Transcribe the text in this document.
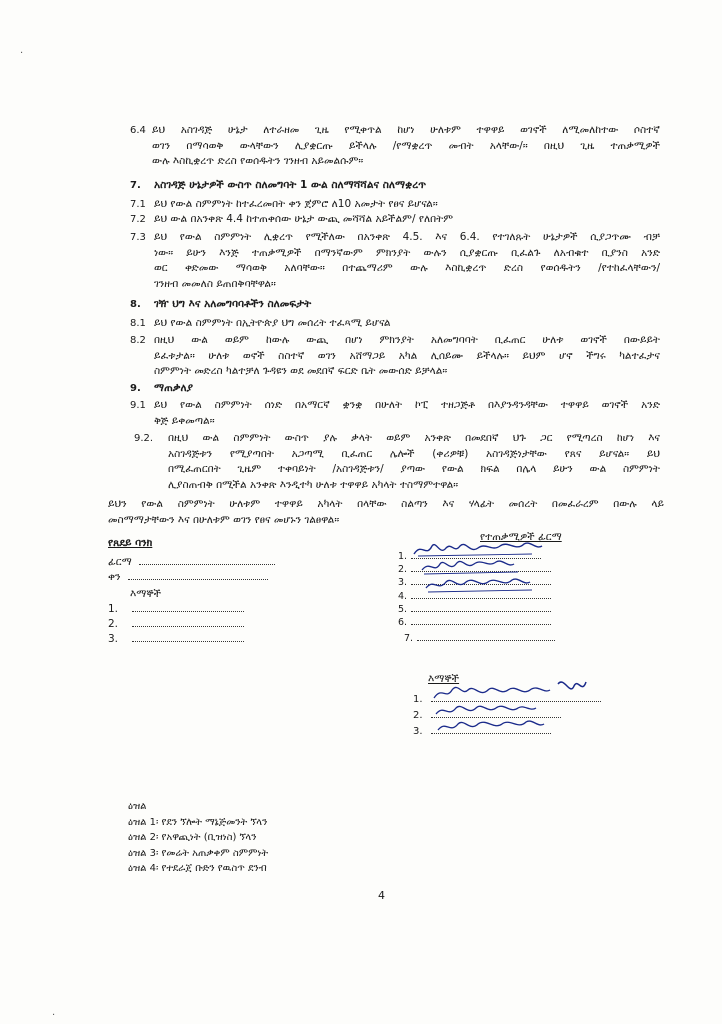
·
·
6.4 ይህ አስገዳጅ ሁኔታ ለተራዘመ ጊዜ የሚቀጥል ከሆነ ሁለቱም ተዋዋይ ወገኖች ለሚመለከተው ሶስተኛ
ወገን በማሳወቅ ውላቸውን ሊያቋርጡ ይችላሉ /የማቋረጥ መብት አላቸው/። በዚህ ጊዜ ተጠቃሚዎች
ውሉ እስኪቋረጥ ድረስ የወሰዱትን ገንዘብ አይመልሱም።
7. አስገዳጅ ሁኔታዎች ውስጥ ስለመግባት 1 ውል ስለማሻሻልና ስለማቋረጥ
7.1 ይህ የውል ስምምነት ከተፈረመበት ቀን ጀምሮ ለ10 አመታት የፀና ይሆናል።
7.2 ይህ ውል በአንቀጽ 4.4 ከተጠቀሰው ሁኔታ ውጪ መሻሻል አይችልም/ የለበትም
7.3 ይህ የውል ስምምነት ሊቋረጥ የሚችለው በአንቀጽ 4.5. እና 6.4. የተገለጹት ሁኔታዎች ሲያጋጥሙ ብቻ
ነው። ይሁን እንጅ ተጠቃሚዎች በማንኛውም ምክንያት ውሉን ሲያቋርጡ ቢፈልጉ ለአብቁተ ቢያንስ አንድ
ወር ቀድመው ማሳወቅ አለባቸው። በተጨማሪም ውሉ እስኪቋረጥ ድረስ የወሰዱትን /የተከፈላቸውን/
ገንዘብ መመለስ ይጠበቅባቸዋል።
8. ገዥ ህግ እና አለመግባባቶችን ስለመፍታት
8.1 ይህ የውል ስምምነት በኢትዮጵያ ህግ መሰረት ተፈጻሚ ይሆናል
8.2 በዚህ ውል ወይም ከውሉ ውጪ በሆነ ምክንያት አለመግባባት ቢፈጠር ሁለቱ ወገኖች በውይይት
ይፈቱታል። ሁለቱ ወኖች ስስተኛ ወገን አሸማጋይ አካል ሊሰይሙ ይችላሉ። ይህም ሆኖ ችግሩ ካልተፈታና
ስምምነት መድረስ ካልተቻለ ጉዳዩን ወደ መደበኛ ፍርድ ቤት መውሰድ ይቻላል።
9. ማጠቃለያ
9.1 ይህ የውል ስምምነት ሰነድ በአማርኛ ቋንቋ በሁለት ኮፒ ተዘጋጅቶ በእያንዳንዳቸው ተዋዋይ ወገኖች አንድ
ቅጅ ይቀመጣል።
9.2. በዚህ ውል ስምምነት ውስጥ ያሉ ቃላት ወይም አንቀጽ በመደበኛ ህጉ ጋር የሚጣረስ ከሆነ እና
አስገዳጅቱን የሚያጣበት አጋጣሚ ቢፈጠር ሌሎች (ቀሪዎቹ) አስገዳጅነታቸው የጸና ይሆናል። ይህ
በሚፈጠርበት ጊዜም ተቀባይነት /አስገዳጅቱን/ ያጣው የውል ክፍል በሌላ ይሁን ውል ስምምነት
ሊያስጠብቅ በሚችል አንቀጽ እንዲተካ ሁለቱ ተዋዋይ አካላት ተስማምተዋል።
ይህን የውል ስምምነት ሁለቱም ተዋዋይ አካላት በላቸው ስልጣን እና ሃላፊት መሰረት በመፈራረም በውሉ ላይ
መስማማታቸውን እና በሁለቱም ወገን የፀና መሆኑን ገልፀዋል።
የጸደይ ባንክ
ፊርማ
ቀን
እማኞች
1.
2.
3.
የተጠቃሚዎች ፊርማ
1.
2.
3.
4.
5.
6.
7.
እማኞች
1.
2.
3.
ዕዝል
ዕዝል 1፡ የደን ኘሎት ማኔጅመንት ኘላን
ዕዝል 2፡ የአዋጪነት (ቢዝነስ) ኘላን
ዕዝል 3፡ የመሬት አጠቃቀም ስምምነት
ዕዝል 4፡ የተደራጀ ቡድን የዉስጥ ደንብ
4
